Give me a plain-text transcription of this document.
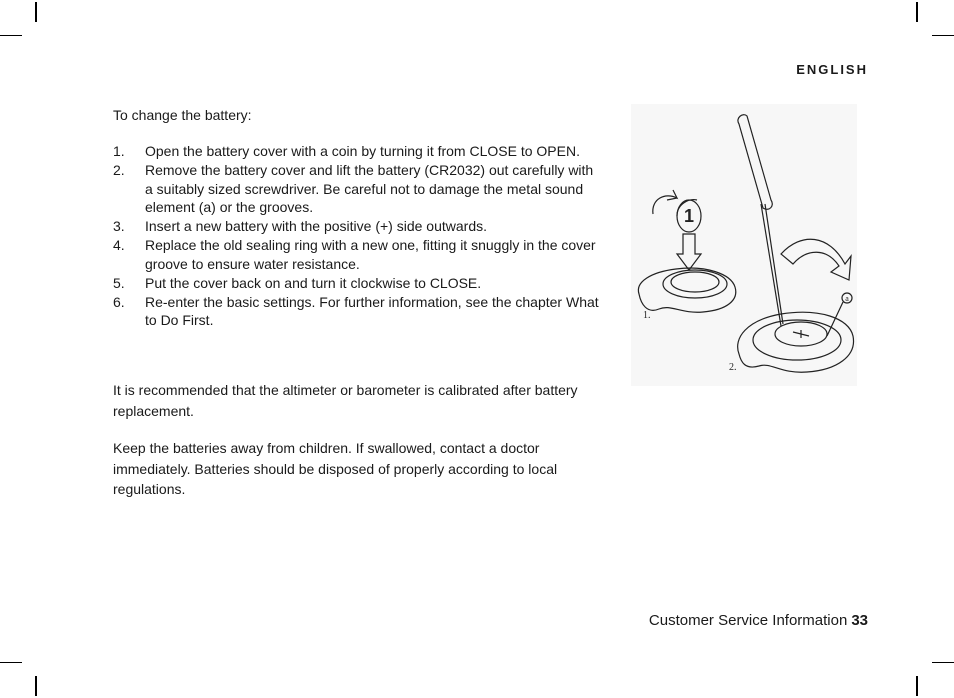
ENGLISH
To change the battery:
1. Open the battery cover with a coin by turning it from CLOSE to OPEN.
2. Remove the battery cover and lift the battery (CR2032) out carefully with a suitably sized screwdriver. Be careful not to damage the metal sound element (a) or the grooves.
3. Insert a new battery with the positive (+) side outwards.
4. Replace the old sealing ring with a new one, fitting it snuggly in the cover groove to ensure water resistance.
5. Put the cover back on and turn it clockwise to CLOSE.
6. Re-enter the basic settings. For further information, see the chapter What to Do First.

It is recommended that the altimeter or barometer is calibrated after battery replacement.

Keep the batteries away from children. If swallowed, contact a doctor immediately. Batteries should be disposed of properly according to local regulations.

1
1.
2.
a
Customer Service Information 33
